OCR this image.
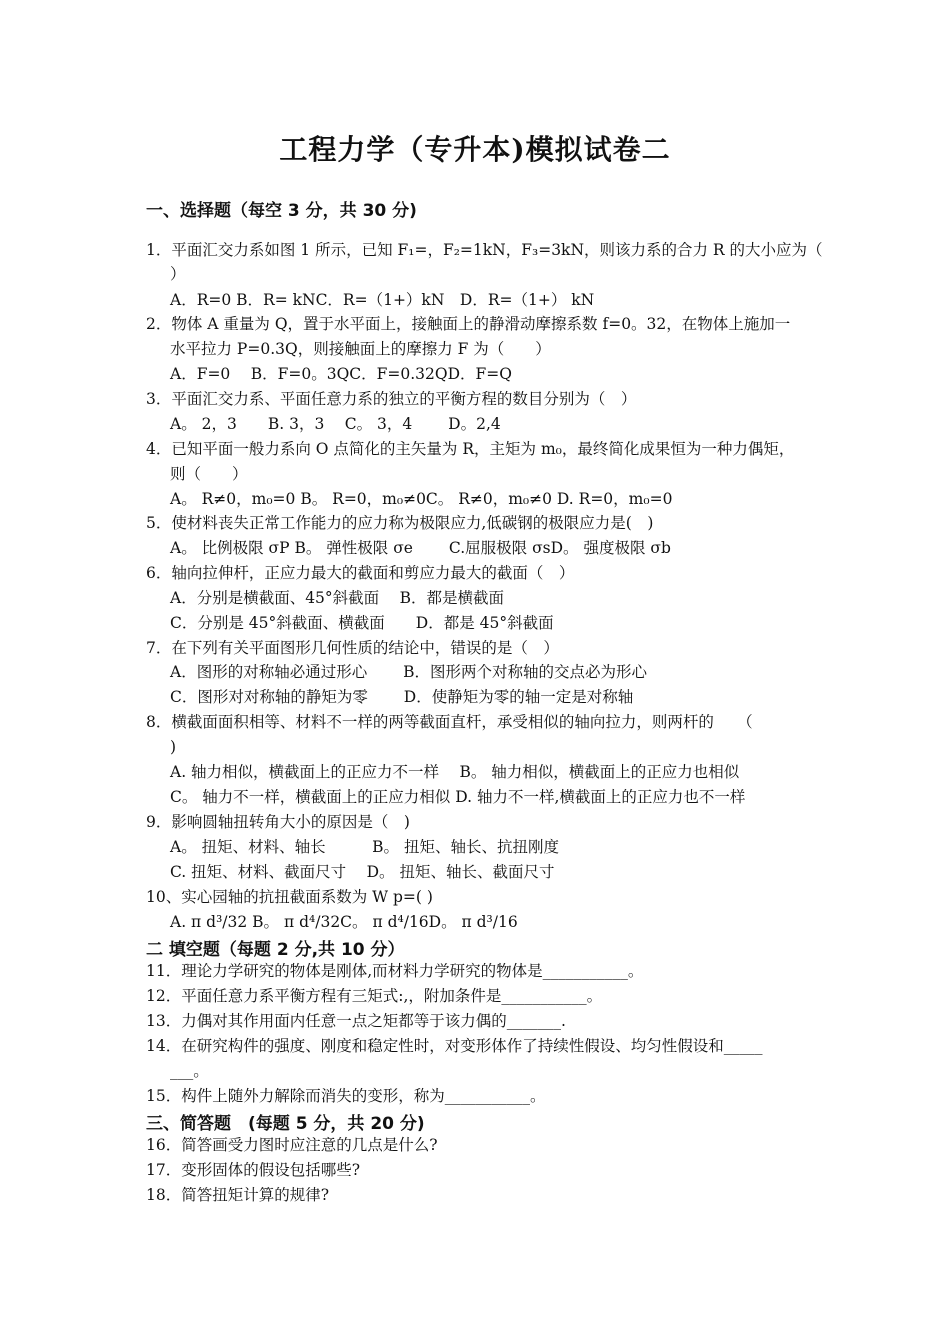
工程力学（专升本)模拟试卷二
一、选择题（每空 3 分，共 30 分)
1．平面汇交力系如图 1 所示，已知 F₁=，F₂=1kN，F₃=3kN，则该力系的合力 R 的大小应为（
）
A．R=0 B．R= kNC．R=（1+）kN　D．R=（1+） kN
2．物体 A 重量为 Q，置于水平面上，接触面上的静滑动摩擦系数 f=0。32，在物体上施加一
水平拉力 P=0.3Q，则接触面上的摩擦力 F 为（　　）
A．F=0　 B．F=0。3QC．F=0.32QD．F=Q
3．平面汇交力系、平面任意力系的独立的平衡方程的数目分别为（　）
A。 2，3　　B. 3，3　 C。 3，4　　 D。2,4
4．已知平面一般力系向 O 点简化的主矢量为 R，主矩为 m₀，最终简化成果恒为一种力偶矩，
则（　　）
A。 R≠0，m₀=0 B。 R=0，m₀≠0C。 R≠0，m₀≠0 D. R=0，m₀=0
5．使材料丧失正常工作能力的应力称为极限应力,低碳钢的极限应力是(　)
A。 比例极限 σP B。 弹性极限 σe　　 C.屈服极限 σsD。 强度极限 σb
6．轴向拉伸杆，正应力最大的截面和剪应力最大的截面（　）
A．分别是横截面、45°斜截面　 B．都是横截面
C．分别是 45°斜截面、横截面　　D．都是 45°斜截面
7．在下列有关平面图形几何性质的结论中，错误的是（　）
A．图形的对称轴必通过形心　　 B．图形两个对称轴的交点必为形心
C．图形对对称轴的静矩为零　　 D．使静矩为零的轴一定是对称轴
8．横截面面积相等、材料不一样的两等截面直杆，承受相似的轴向拉力，则两杆的　　（
)
A. 轴力相似，横截面上的正应力不一样　 B。 轴力相似，横截面上的正应力也相似
C。 轴力不一样，横截面上的正应力相似 D. 轴力不一样,横截面上的正应力也不一样
9．影响圆轴扭转角大小的原因是（　)
A。 扭矩、材料、轴长　　　B。 扭矩、轴长、抗扭刚度
C. 扭矩、材料、截面尺寸　 D。 扭矩、轴长、截面尺寸
10、实心园轴的抗扭截面系数为 W p=( )
A. π d³/32 B。 π d⁴/32C。 π d⁴/16D。 π d³/16
二 填空题（每题 2 分,共 10 分）
11．理论力学研究的物体是刚体,而材料力学研究的物体是___________。
12．平面任意力系平衡方程有三矩式:,，附加条件是___________。
13．力偶对其作用面内任意一点之矩都等于该力偶的_______.
14．在研究构件的强度、刚度和稳定性时，对变形体作了持续性假设、均匀性假设和_____
___。
15．构件上随外力解除而消失的变形，称为___________。
三、简答题　(每题 5 分，共 20 分)
16．简答画受力图时应注意的几点是什么?
17．变形固体的假设包括哪些?
18．简答扭矩计算的规律?
